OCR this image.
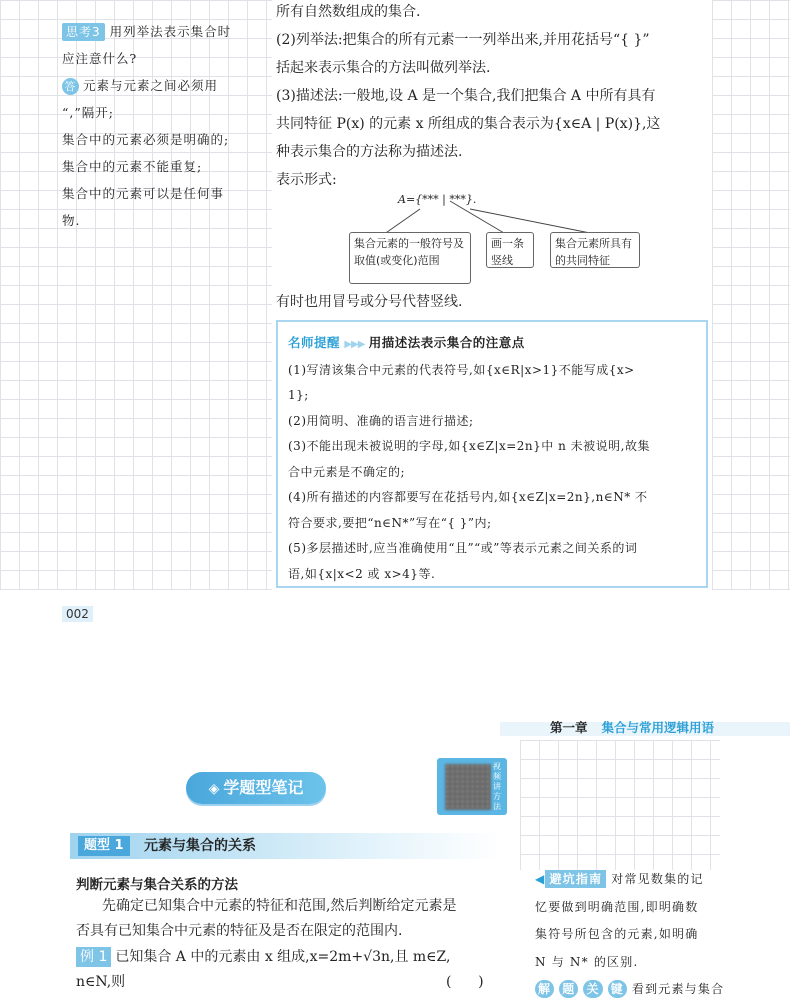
思考3 用列举法表示集合时
应注意什么?
答 元素与元素之间必须用
“,”隔开;
集合中的元素必须是明确的;
集合中的元素不能重复;
集合中的元素可以是任何事
物.
所有自然数组成的集合.
(2)列举法:把集合的所有元素一一列举出来,并用花括号“{ }”
括起来表示集合的方法叫做列举法.
(3)描述法:一般地,设 A 是一个集合,我们把集合 A 中所有具有
共同特征 P(x) 的元素 x 所组成的集合表示为{x∈A | P(x)},这
种表示集合的方法称为描述法.
表示形式:
A={*** | ***}.
集合元素的一般符号及取值(或变化)范围
画一条竖线
集合元素所具有的共同特征
有时也用冒号或分号代替竖线.
名师提醒 ▶▶▶ 用描述法表示集合的注意点
(1)写清该集合中元素的代表符号,如{x∈R|x>1}不能写成{x>
1};
(2)用简明、准确的语言进行描述;
(3)不能出现未被说明的字母,如{x∈Z|x=2n}中 n 未被说明,故集
合中元素是不确定的;
(4)所有描述的内容都要写在花括号内,如{x∈Z|x=2n},n∈N* 不
符合要求,要把“n∈N*”写在“{ }”内;
(5)多层描述时,应当准确使用“且”“或”等表示元素之间关系的词
语,如{x|x<2 或 x>4}等.
002
第一章 集合与常用逻辑用语
◈ 学题型笔记
视频讲方法
题型 1	元素与集合的关系
判断元素与集合关系的方法
先确定已知集合中元素的特征和范围,然后判断给定元素是
否具有已知集合中元素的特征及是否在限定的范围内.
例 1 已知集合 A 中的元素由 x 组成,x=2m+√3n,且 m∈Z,
n∈N,则	(      )
◀ 避坑指南 对常见数集的记
忆要做到明确范围,即明确数
集符号所包含的元素,如明确
N 与 N* 的区别.
解 题 关 键 看到元素与集合
